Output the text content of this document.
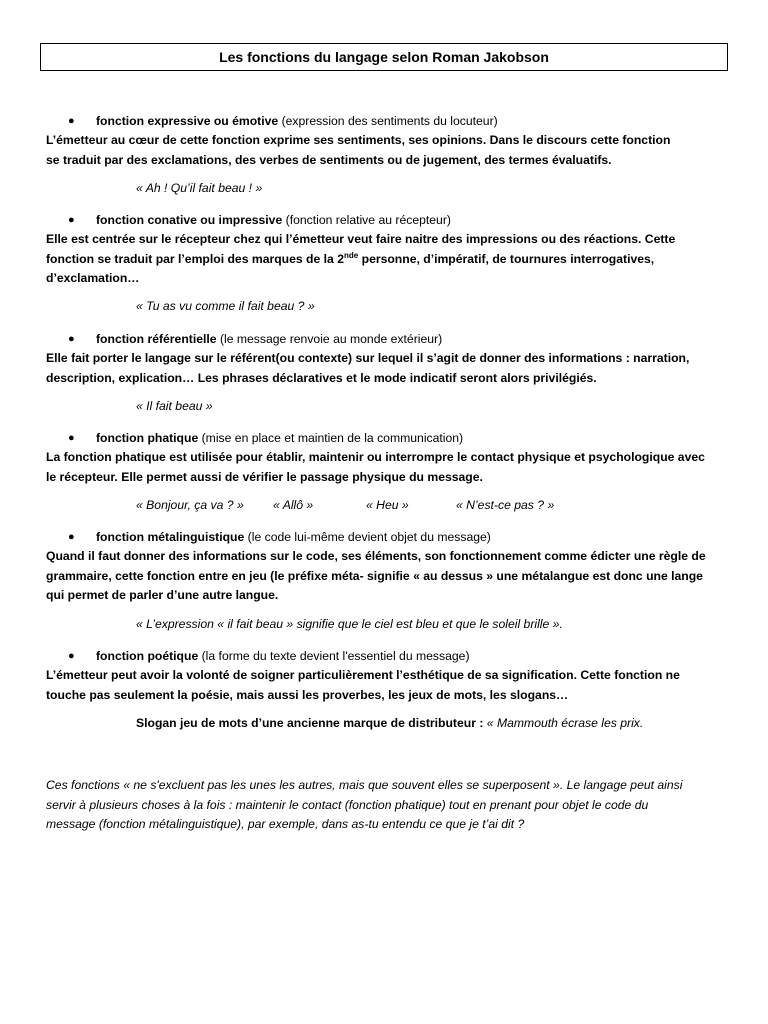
Les fonctions du langage selon Roman Jakobson
● fonction expressive ou émotive (expression des sentiments du locuteur)
L’émetteur au cœur de cette fonction exprime ses sentiments, ses opinions. Dans le discours cette fonction
se traduit par des exclamations, des verbes de sentiments ou de jugement, des termes évaluatifs.
« Ah ! Qu’il fait beau ! »
● fonction conative ou impressive (fonction relative au récepteur)
Elle est centrée sur le récepteur chez qui l’émetteur veut faire naitre des impressions ou des réactions. Cette
fonction se traduit par l’emploi des marques de la 2nde personne, d’impératif, de tournures interrogatives,
d’exclamation…
« Tu as vu comme il fait beau ? »
● fonction référentielle (le message renvoie au monde extérieur)
Elle fait porter le langage sur le référent(ou contexte) sur lequel il s’agit de donner des informations : narration,
description, explication… Les phrases déclaratives et le mode indicatif seront alors privilégiés.
« Il fait beau »
● fonction phatique (mise en place et maintien de la communication)
La fonction phatique est utilisée pour établir, maintenir ou interrompre le contact physique et psychologique avec
le récepteur. Elle permet aussi de vérifier le passage physique du message.
« Bonjour, ça va ? » « Allô »	« Heu »	« N’est-ce pas ? »
● fonction métalinguistique (le code lui-même devient objet du message)
Quand il faut donner des informations sur le code, ses éléments, son fonctionnement comme édicter une règle de
grammaire, cette fonction entre en jeu (le préfixe méta- signifie « au dessus » une métalangue est donc une lange
qui permet de parler d’une autre langue.
« L’expression « il fait beau » signifie que le ciel est bleu et que le soleil brille ».
● fonction poétique (la forme du texte devient l'essentiel du message)
L’émetteur peut avoir la volonté de soigner particulièrement l’esthétique de sa signification. Cette fonction ne
touche pas seulement la poésie, mais aussi les proverbes, les jeux de mots, les slogans…
Slogan jeu de mots d’une ancienne marque de distributeur : « Mammouth écrase les prix.
Ces fonctions « ne s'excluent pas les unes les autres, mais que souvent elles se superposent ». Le langage peut ainsi
servir à plusieurs choses à la fois : maintenir le contact (fonction phatique) tout en prenant pour objet le code du
message (fonction métalinguistique), par exemple, dans as-tu entendu ce que je t’ai dit ?
